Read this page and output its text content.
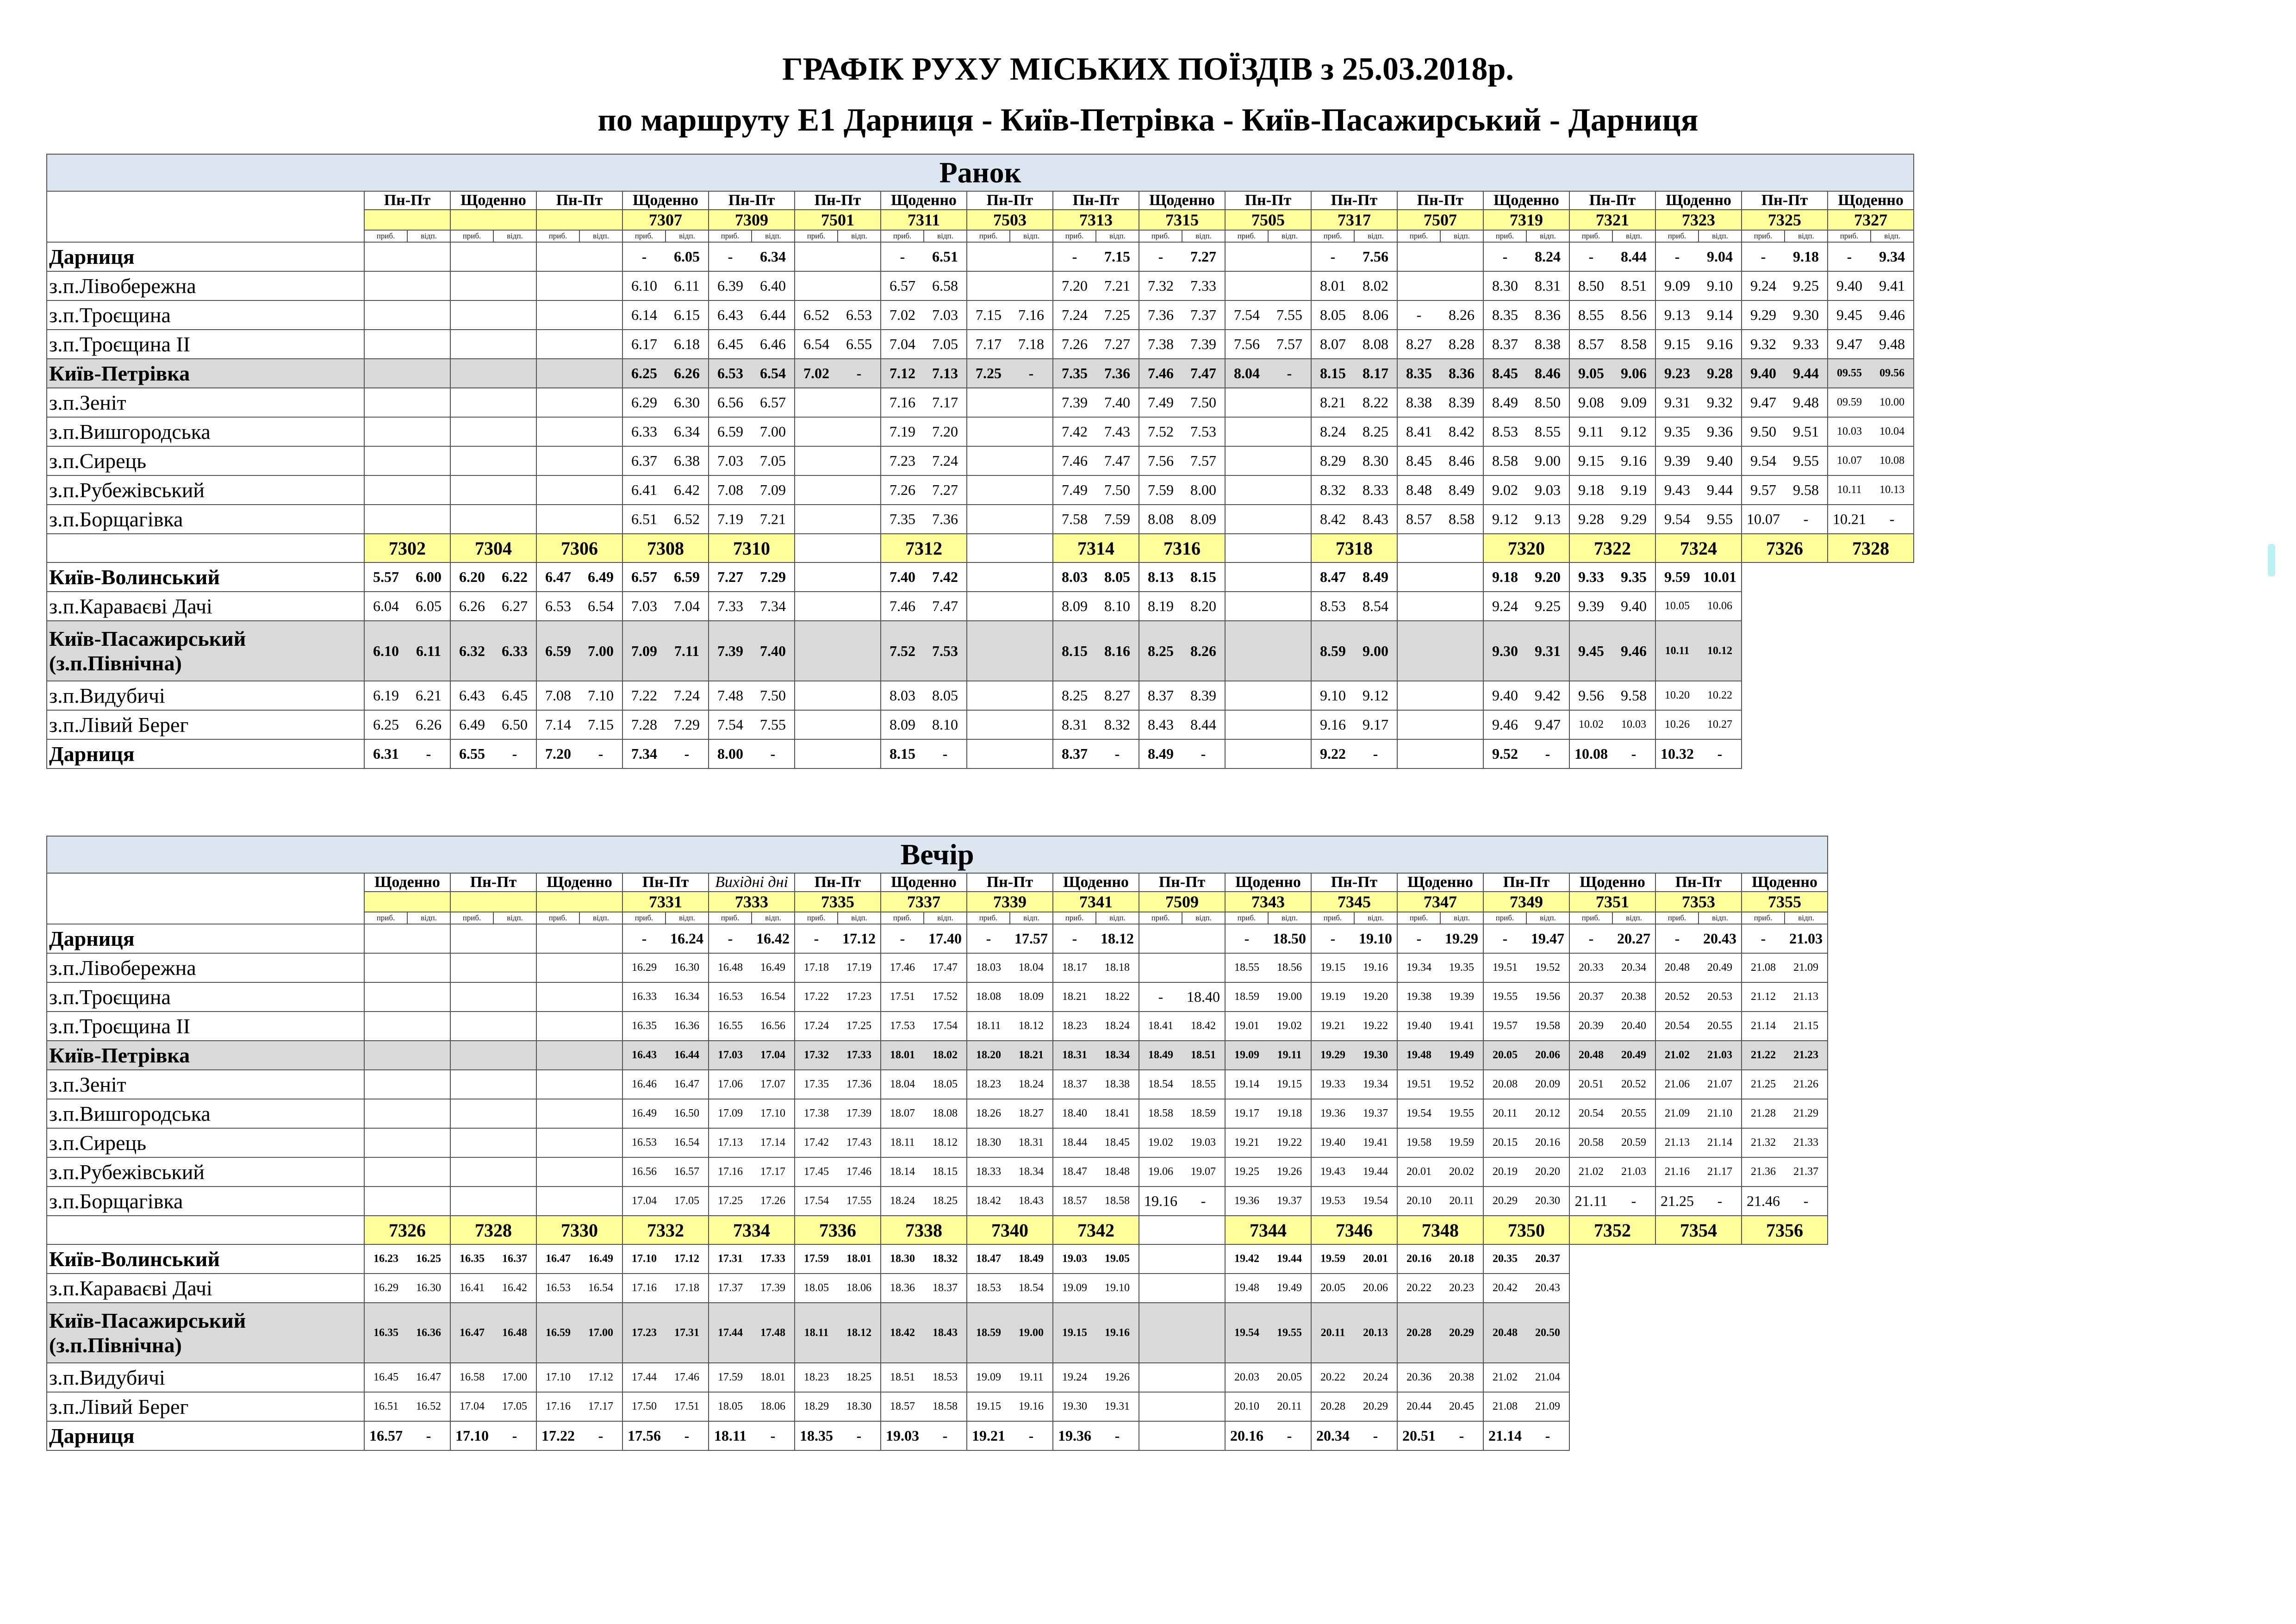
ГРАФІК РУХУ МІСЬКИХ ПОЇЗДІВ з 25.03.2018р.
по маршруту Е1 Дарниця - Київ-Петрівка - Київ-Пасажирський - Дарниця
Ранок																																				
	Пн-Пт		Щоденно		Пн-Пт		Щоденно		Пн-Пт		Пн-Пт		Щоденно		Пн-Пт		Пн-Пт		Щоденно		Пн-Пт		Пн-Пт		Пн-Пт		Щоденно		Пн-Пт		Щоденно		Пн-Пт		Щоденно	
							7307		7309		7501		7311		7503		7313		7315		7505		7317		7507		7319		7321		7323		7325		7327	
	приб.	відп.	приб.	відп.	приб.	відп.	приб.	відп.	приб.	відп.	приб.	відп.	приб.	відп.	приб.	відп.	приб.	відп.	приб.	відп.	приб.	відп.	приб.	відп.	приб.	відп.	приб.	відп.	приб.	відп.	приб.	відп.	приб.	відп.	приб.	відп.
Дарниця							-	6.05	-	6.34			-	6.51			-	7.15	-	7.27			-	7.56			-	8.24	-	8.44	-	9.04	-	9.18	-	9.34
з.п.Лівобережна							6.10	6.11	6.39	6.40			6.57	6.58			7.20	7.21	7.32	7.33			8.01	8.02			8.30	8.31	8.50	8.51	9.09	9.10	9.24	9.25	9.40	9.41
з.п.Троєщина							6.14	6.15	6.43	6.44	6.52	6.53	7.02	7.03	7.15	7.16	7.24	7.25	7.36	7.37	7.54	7.55	8.05	8.06	-	8.26	8.35	8.36	8.55	8.56	9.13	9.14	9.29	9.30	9.45	9.46
з.п.Троєщина ІІ							6.17	6.18	6.45	6.46	6.54	6.55	7.04	7.05	7.17	7.18	7.26	7.27	7.38	7.39	7.56	7.57	8.07	8.08	8.27	8.28	8.37	8.38	8.57	8.58	9.15	9.16	9.32	9.33	9.47	9.48
Київ-Петрівка							6.25	6.26	6.53	6.54	7.02	-	7.12	7.13	7.25	-	7.35	7.36	7.46	7.47	8.04	-	8.15	8.17	8.35	8.36	8.45	8.46	9.05	9.06	9.23	9.28	9.40	9.44	09.55	09.56
з.п.Зеніт							6.29	6.30	6.56	6.57			7.16	7.17			7.39	7.40	7.49	7.50			8.21	8.22	8.38	8.39	8.49	8.50	9.08	9.09	9.31	9.32	9.47	9.48	09.59	10.00
з.п.Вишгородська							6.33	6.34	6.59	7.00			7.19	7.20			7.42	7.43	7.52	7.53			8.24	8.25	8.41	8.42	8.53	8.55	9.11	9.12	9.35	9.36	9.50	9.51	10.03	10.04
з.п.Сирець							6.37	6.38	7.03	7.05			7.23	7.24			7.46	7.47	7.56	7.57			8.29	8.30	8.45	8.46	8.58	9.00	9.15	9.16	9.39	9.40	9.54	9.55	10.07	10.08
з.п.Рубежівський							6.41	6.42	7.08	7.09			7.26	7.27			7.49	7.50	7.59	8.00			8.32	8.33	8.48	8.49	9.02	9.03	9.18	9.19	9.43	9.44	9.57	9.58	10.11	10.13
з.п.Борщагівка							6.51	6.52	7.19	7.21			7.35	7.36			7.58	7.59	8.08	8.09			8.42	8.43	8.57	8.58	9.12	9.13	9.28	9.29	9.54	9.55	10.07	-	10.21	-
	7302		7304		7306		7308		7310				7312				7314		7316				7318				7320		7322		7324		7326		7328	
Київ-Волинський	5.57	6.00	6.20	6.22	6.47	6.49	6.57	6.59	7.27	7.29			7.40	7.42			8.03	8.05	8.13	8.15			8.47	8.49			9.18	9.20	9.33	9.35	9.59	10.01				
з.п.Караваєві Дачі	6.04	6.05	6.26	6.27	6.53	6.54	7.03	7.04	7.33	7.34			7.46	7.47			8.09	8.10	8.19	8.20			8.53	8.54			9.24	9.25	9.39	9.40	10.05	10.06				
Київ-Пасажирський (з.п.Північна)	6.10	6.11	6.32	6.33	6.59	7.00	7.09	7.11	7.39	7.40			7.52	7.53			8.15	8.16	8.25	8.26			8.59	9.00			9.30	9.31	9.45	9.46	10.11	10.12				
з.п.Видубичі	6.19	6.21	6.43	6.45	7.08	7.10	7.22	7.24	7.48	7.50			8.03	8.05			8.25	8.27	8.37	8.39			9.10	9.12			9.40	9.42	9.56	9.58	10.20	10.22				
з.п.Лівий Берег	6.25	6.26	6.49	6.50	7.14	7.15	7.28	7.29	7.54	7.55			8.09	8.10			8.31	8.32	8.43	8.44			9.16	9.17			9.46	9.47	10.02	10.03	10.26	10.27				
Дарниця	6.31	-	6.55	-	7.20	-	7.34	-	8.00	-			8.15	-			8.37	-	8.49	-			9.22	-			9.52	-	10.08	-	10.32	-				
Вечір																																		
	Щоденно		Пн-Пт		Щоденно		Пн-Пт		Вихідні дні		Пн-Пт		Щоденно		Пн-Пт		Щоденно		Пн-Пт		Щоденно		Пн-Пт		Щоденно		Пн-Пт		Щоденно		Пн-Пт		Щоденно	
							7331		7333		7335		7337		7339		7341		7509		7343		7345		7347		7349		7351		7353		7355	
	приб.	відп.	приб.	відп.	приб.	відп.	приб.	відп.	приб.	відп.	приб.	відп.	приб.	відп.	приб.	відп.	приб.	відп.	приб.	відп.	приб.	відп.	приб.	відп.	приб.	відп.	приб.	відп.	приб.	відп.	приб.	відп.	приб.	відп.
Дарниця							-	16.24	-	16.42	-	17.12	-	17.40	-	17.57	-	18.12			-	18.50	-	19.10	-	19.29	-	19.47	-	20.27	-	20.43	-	21.03
з.п.Лівобережна							16.29	16.30	16.48	16.49	17.18	17.19	17.46	17.47	18.03	18.04	18.17	18.18			18.55	18.56	19.15	19.16	19.34	19.35	19.51	19.52	20.33	20.34	20.48	20.49	21.08	21.09
з.п.Троєщина							16.33	16.34	16.53	16.54	17.22	17.23	17.51	17.52	18.08	18.09	18.21	18.22	-	18.40	18.59	19.00	19.19	19.20	19.38	19.39	19.55	19.56	20.37	20.38	20.52	20.53	21.12	21.13
з.п.Троєщина ІІ							16.35	16.36	16.55	16.56	17.24	17.25	17.53	17.54	18.11	18.12	18.23	18.24	18.41	18.42	19.01	19.02	19.21	19.22	19.40	19.41	19.57	19.58	20.39	20.40	20.54	20.55	21.14	21.15
Київ-Петрівка							16.43	16.44	17.03	17.04	17.32	17.33	18.01	18.02	18.20	18.21	18.31	18.34	18.49	18.51	19.09	19.11	19.29	19.30	19.48	19.49	20.05	20.06	20.48	20.49	21.02	21.03	21.22	21.23
з.п.Зеніт							16.46	16.47	17.06	17.07	17.35	17.36	18.04	18.05	18.23	18.24	18.37	18.38	18.54	18.55	19.14	19.15	19.33	19.34	19.51	19.52	20.08	20.09	20.51	20.52	21.06	21.07	21.25	21.26
з.п.Вишгородська							16.49	16.50	17.09	17.10	17.38	17.39	18.07	18.08	18.26	18.27	18.40	18.41	18.58	18.59	19.17	19.18	19.36	19.37	19.54	19.55	20.11	20.12	20.54	20.55	21.09	21.10	21.28	21.29
з.п.Сирець							16.53	16.54	17.13	17.14	17.42	17.43	18.11	18.12	18.30	18.31	18.44	18.45	19.02	19.03	19.21	19.22	19.40	19.41	19.58	19.59	20.15	20.16	20.58	20.59	21.13	21.14	21.32	21.33
з.п.Рубежівський							16.56	16.57	17.16	17.17	17.45	17.46	18.14	18.15	18.33	18.34	18.47	18.48	19.06	19.07	19.25	19.26	19.43	19.44	20.01	20.02	20.19	20.20	21.02	21.03	21.16	21.17	21.36	21.37
з.п.Борщагівка							17.04	17.05	17.25	17.26	17.54	17.55	18.24	18.25	18.42	18.43	18.57	18.58	19.16	-	19.36	19.37	19.53	19.54	20.10	20.11	20.29	20.30	21.11	-	21.25	-	21.46	-
	7326		7328		7330		7332		7334		7336		7338		7340		7342				7344		7346		7348		7350		7352		7354		7356	
Київ-Волинський	16.23	16.25	16.35	16.37	16.47	16.49	17.10	17.12	17.31	17.33	17.59	18.01	18.30	18.32	18.47	18.49	19.03	19.05			19.42	19.44	19.59	20.01	20.16	20.18	20.35	20.37						
з.п.Караваєві Дачі	16.29	16.30	16.41	16.42	16.53	16.54	17.16	17.18	17.37	17.39	18.05	18.06	18.36	18.37	18.53	18.54	19.09	19.10			19.48	19.49	20.05	20.06	20.22	20.23	20.42	20.43						
Київ-Пасажирський (з.п.Північна)	16.35	16.36	16.47	16.48	16.59	17.00	17.23	17.31	17.44	17.48	18.11	18.12	18.42	18.43	18.59	19.00	19.15	19.16			19.54	19.55	20.11	20.13	20.28	20.29	20.48	20.50						
з.п.Видубичі	16.45	16.47	16.58	17.00	17.10	17.12	17.44	17.46	17.59	18.01	18.23	18.25	18.51	18.53	19.09	19.11	19.24	19.26			20.03	20.05	20.22	20.24	20.36	20.38	21.02	21.04						
з.п.Лівий Берег	16.51	16.52	17.04	17.05	17.16	17.17	17.50	17.51	18.05	18.06	18.29	18.30	18.57	18.58	19.15	19.16	19.30	19.31			20.10	20.11	20.28	20.29	20.44	20.45	21.08	21.09						
Дарниця	16.57	-	17.10	-	17.22	-	17.56	-	18.11	-	18.35	-	19.03	-	19.21	-	19.36	-			20.16	-	20.34	-	20.51	-	21.14	-						
